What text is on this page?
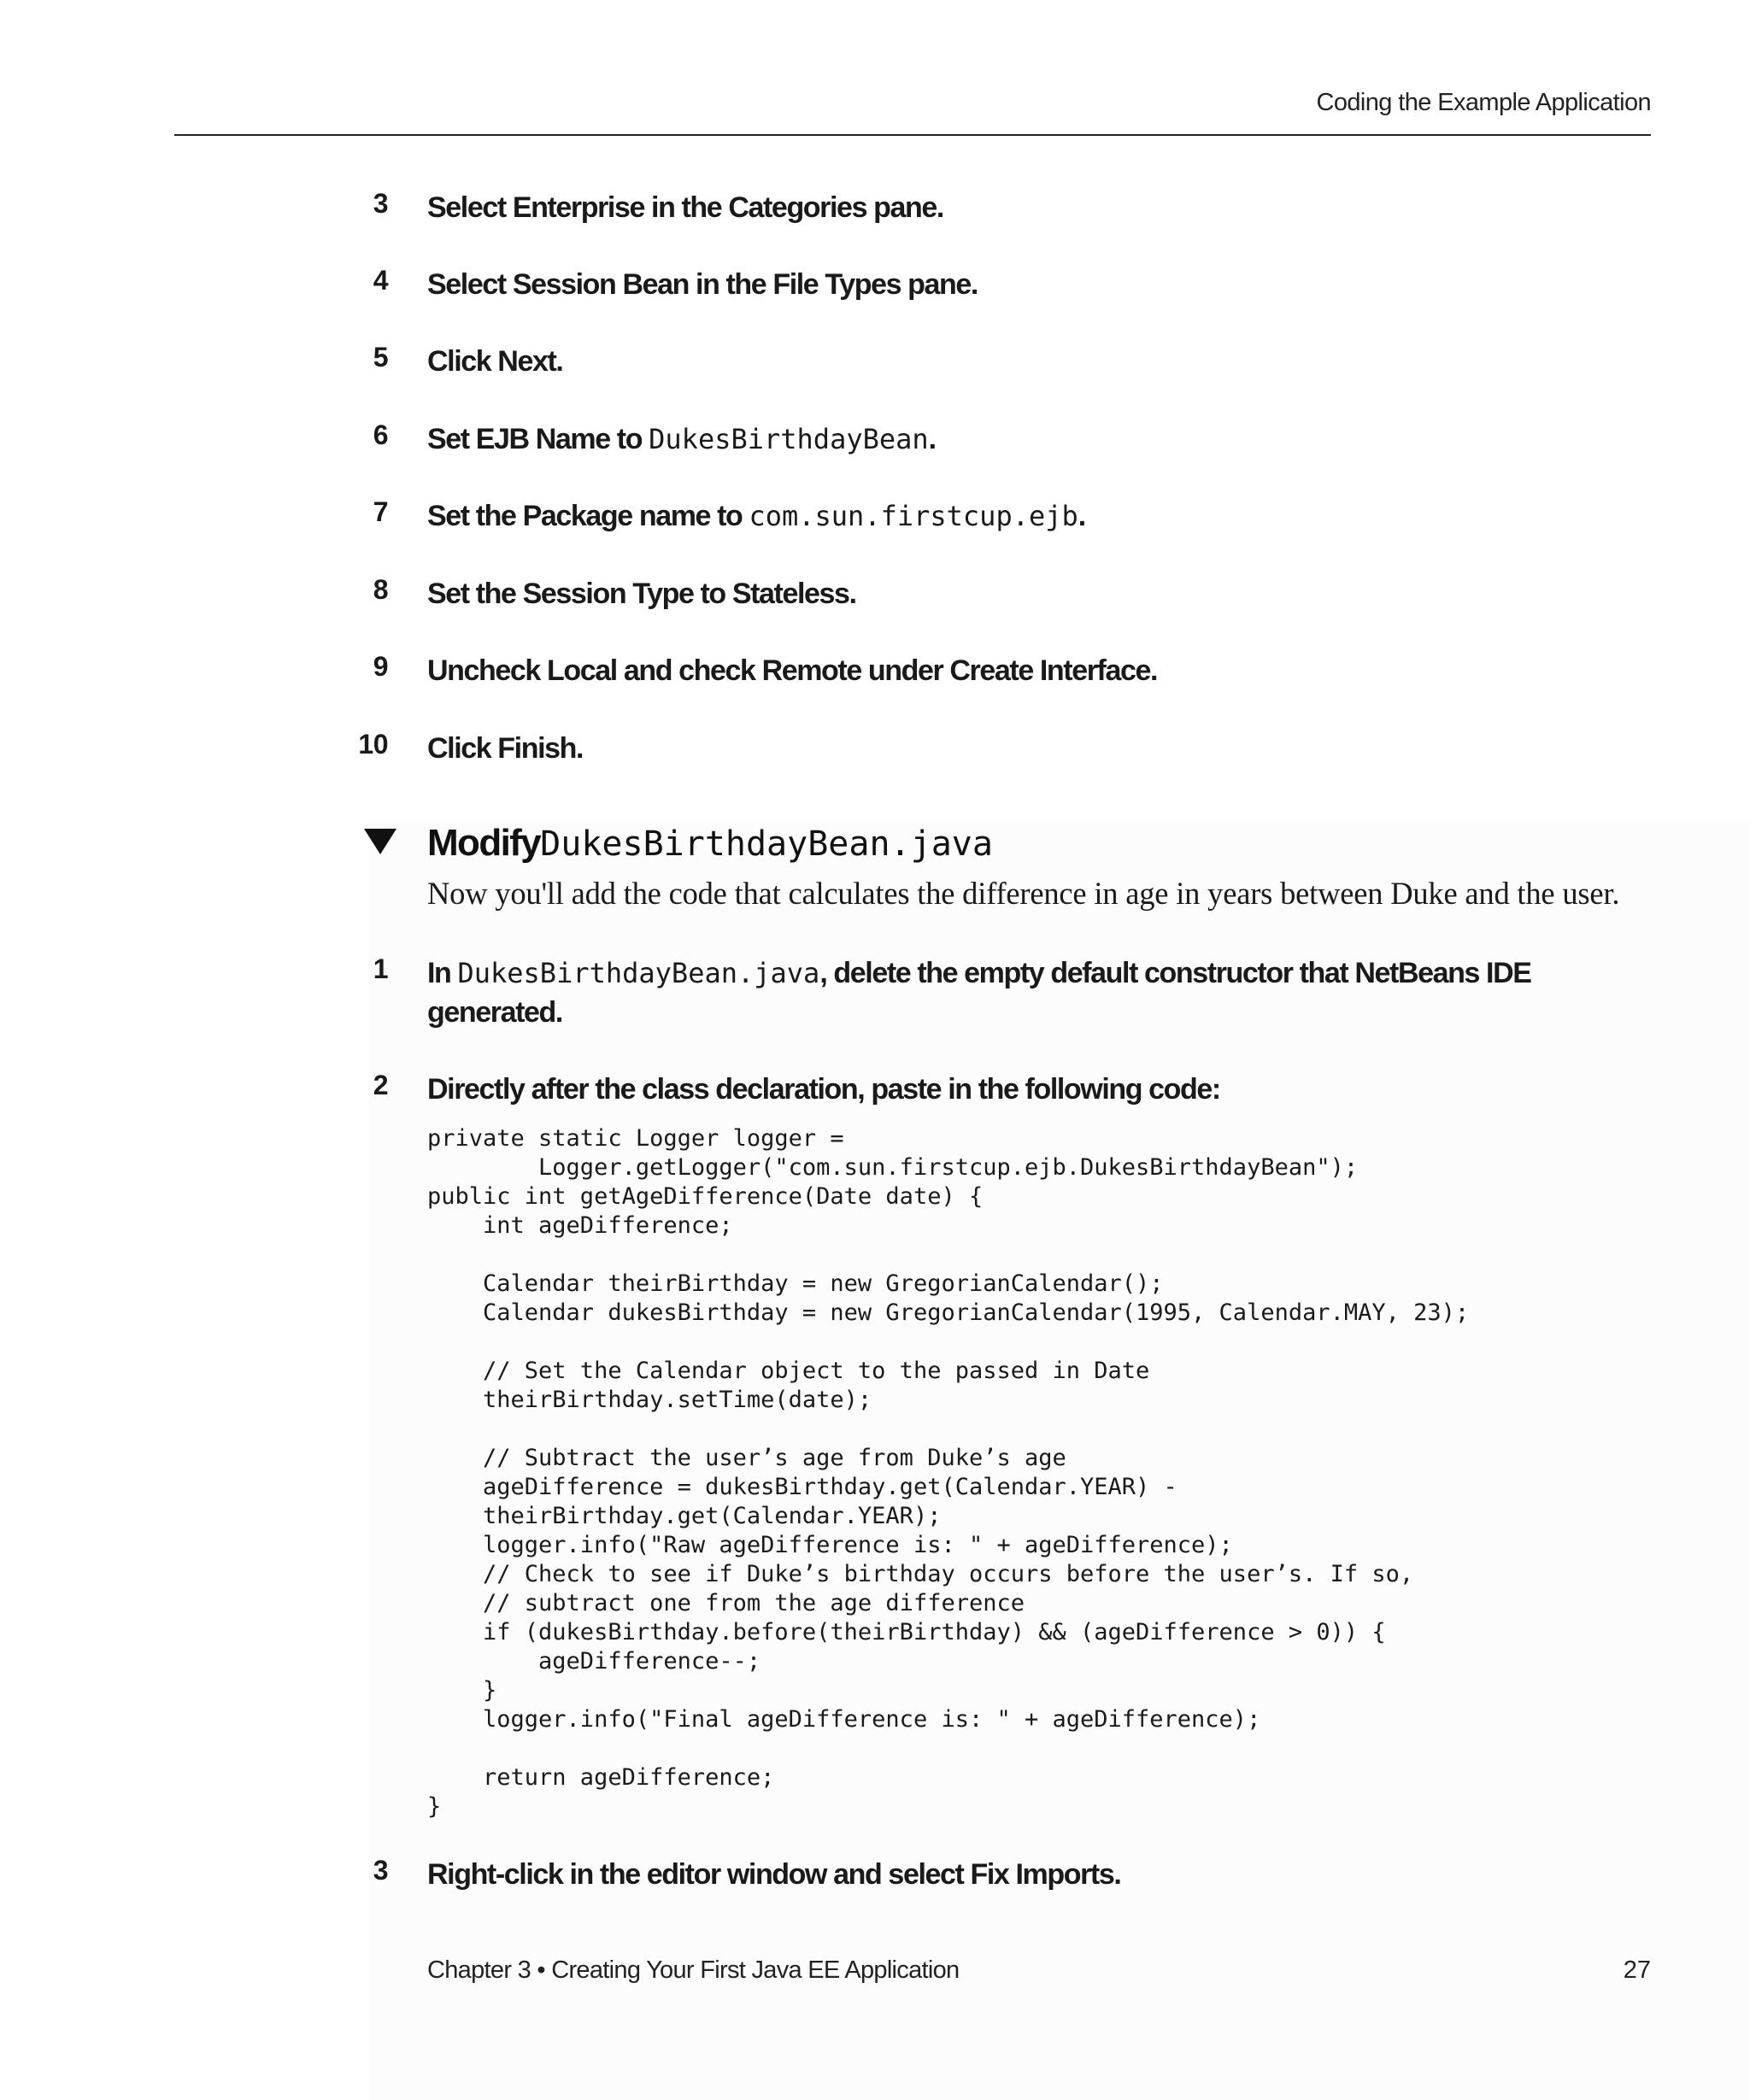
Coding the Example Application
3 Select Enterprise in the Categories pane.
4 Select Session Bean in the File Types pane.
5 Click Next.
6 Set EJB Name to DukesBirthdayBean.
7 Set the Package name to com.sun.firstcup.ejb.
8 Set the Session Type to Stateless.
9 Uncheck Local and check Remote under Create Interface.
10 Click Finish.
ModifyDukesBirthdayBean.java
Now you'll add the code that calculates the difference in age in years between Duke and the user.
1 In DukesBirthdayBean.java, delete the empty default constructor that NetBeans IDE generated.
2 Directly after the class declaration, paste in the following code:
private static Logger logger =
Logger.getLogger("com.sun.firstcup.ejb.DukesBirthdayBean");
public int getAgeDifference(Date date) {
int ageDifference;

Calendar theirBirthday = new GregorianCalendar();
Calendar dukesBirthday = new GregorianCalendar(1995, Calendar.MAY, 23);

// Set the Calendar object to the passed in Date
theirBirthday.setTime(date);

// Subtract the user’s age from Duke’s age
ageDifference = dukesBirthday.get(Calendar.YEAR) -
theirBirthday.get(Calendar.YEAR);
logger.info("Raw ageDifference is: " + ageDifference);
// Check to see if Duke’s birthday occurs before the user’s. If so,
// subtract one from the age difference
if (dukesBirthday.before(theirBirthday) && (ageDifference > 0)) {
ageDifference--;
}
logger.info("Final ageDifference is: " + ageDifference);

return ageDifference;
}
3 Right-click in the editor window and select Fix Imports.
Chapter 3 • Creating Your First Java EE Application	27
